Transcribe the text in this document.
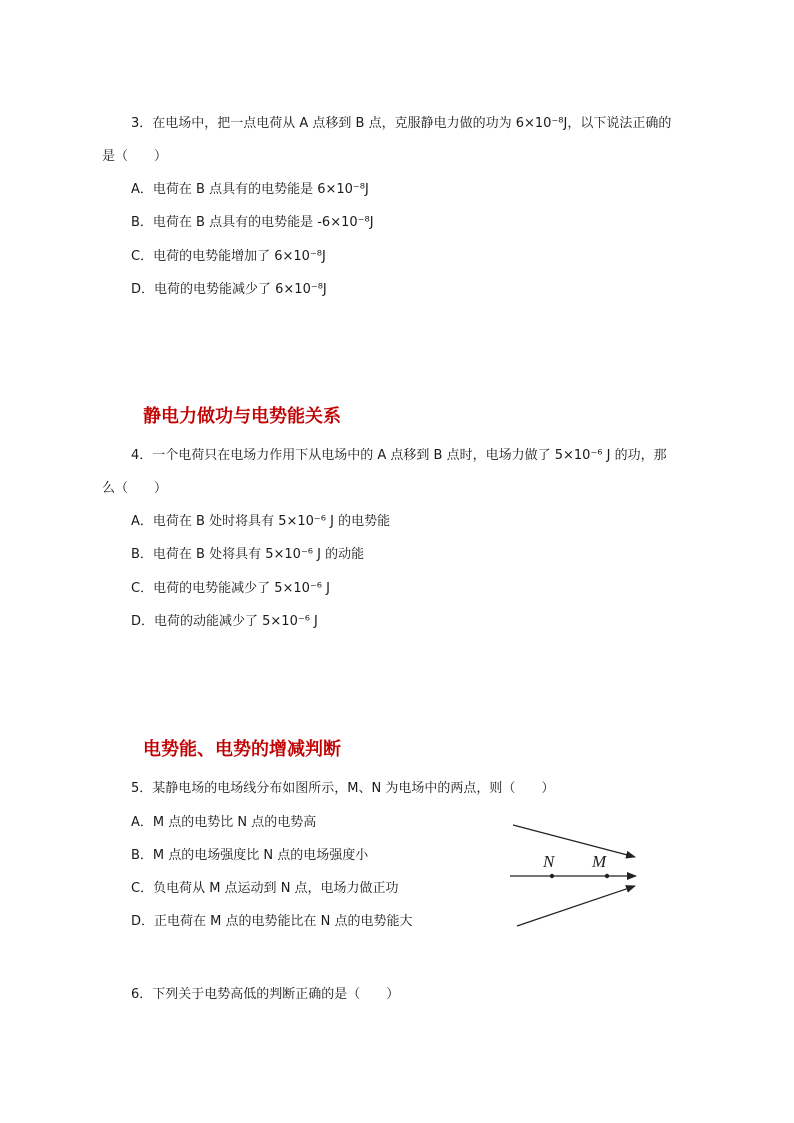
3．在电场中，把一点电荷从 A 点移到 B 点，克服静电力做的功为 6×10⁻⁸J，以下说法正确的
是（　　）
A．电荷在 B 点具有的电势能是 6×10⁻⁸J
B．电荷在 B 点具有的电势能是 -6×10⁻⁸J
C．电荷的电势能增加了 6×10⁻⁸J
D．电荷的电势能减少了 6×10⁻⁸J
静电力做功与电势能关系
4．一个电荷只在电场力作用下从电场中的 A 点移到 B 点时，电场力做了 5×10⁻⁶ J 的功，那
么（　　）
A．电荷在 B 处时将具有 5×10⁻⁶ J 的电势能
B．电荷在 B 处将具有 5×10⁻⁶ J 的动能
C．电荷的电势能减少了 5×10⁻⁶ J
D．电荷的动能减少了 5×10⁻⁶ J
电势能、电势的增减判断
5．某静电场的电场线分布如图所示，M、N 为电场中的两点，则（　　）
A．M 点的电势比 N 点的电势高
B．M 点的电场强度比 N 点的电场强度小
C．负电荷从 M 点运动到 N 点，电场力做正功
D．正电荷在 M 点的电势能比在 N 点的电势能大
N M
6．下列关于电势高低的判断正确的是（　　）
